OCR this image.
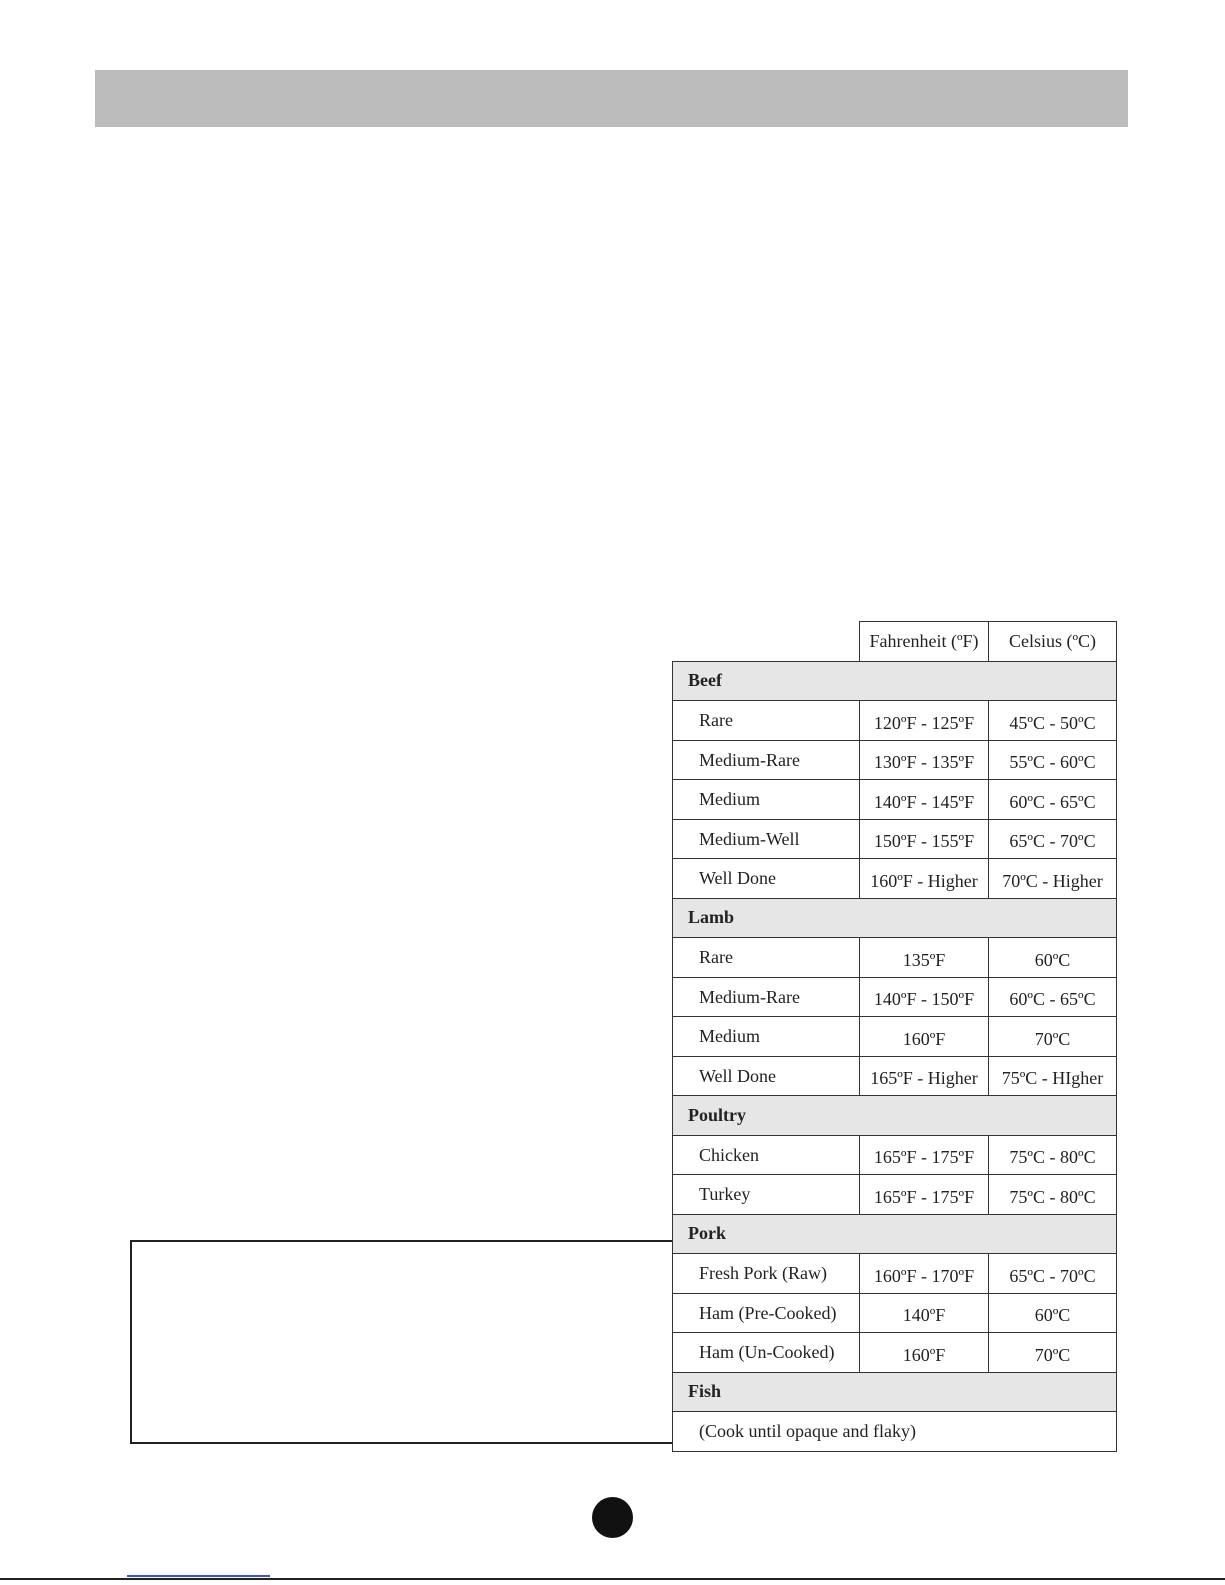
	Fahrenheit (ºF)	Celsius (ºC)
Beef		
Rare	120ºF - 125ºF	45ºC - 50ºC
Medium-Rare	130ºF - 135ºF	55ºC - 60ºC
Medium	140ºF - 145ºF	60ºC - 65ºC
Medium-Well	150ºF - 155ºF	65ºC - 70ºC
Well Done	160ºF - Higher	70ºC - Higher
Lamb		
Rare	135ºF	60ºC
Medium-Rare	140ºF - 150ºF	60ºC - 65ºC
Medium	160ºF	70ºC
Well Done	165ºF - Higher	75ºC - HIgher
Poultry		
Chicken	165ºF - 175ºF	75ºC - 80ºC
Turkey	165ºF - 175ºF	75ºC - 80ºC
Pork		
Fresh Pork (Raw)	160ºF - 170ºF	65ºC - 70ºC
Ham (Pre-Cooked)	140ºF	60ºC
Ham (Un-Cooked)	160ºF	70ºC
Fish		
(Cook until opaque and flaky)		
